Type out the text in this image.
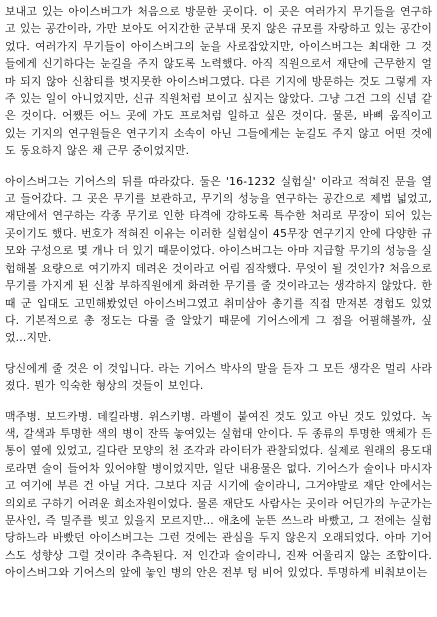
보내고 있는 아이스버그가 처음으로 방문한 곳이다. 이 곳은 여러가지 무기들을 연구하고 있는 공간이라, 가만 보아도 어지간한 군부대 못지 않은 규모를 자랑하고 있는 공간이었다. 여러가지 무기들이 아이스버그의 눈을 사로잡았지만, 아이스버그는 최대한 그 것들에게 신기하다는 눈길을 주지 않도록 노력했다. 아직 직원으로서 재단에 근무한지 얼마 되지 않아 신참티를 벗지못한 아이스버그였다. 다른 기지에 방문하는 것도 그렇게 자주 있는 일이 아니었지만, 신규 직원처럼 보이고 싶지는 않았다. 그냥 그건 그의 신념 같은 것이다. 어쨌든 어느 곳에 가도 프로처럼 일하고 싶은 것이다. 물론, 바삐 움직이고 있는 기지의 연구원들은 연구기지 소속이 아닌 그들에게는 눈길도 주지 않고 어떤 것에도 동요하지 않은 채 근무 중이었지만.

아이스버그는 기어스의 뒤를 따라갔다. 둘은 '16-1232 실험실' 이라고 적혀진 문을 열고 들어갔다. 그 곳은 무기를 보관하고, 무기의 성능을 연구하는 공간으로 제법 넓었고, 재단에서 연구하는 각종 무기로 인한 타격에 강하도록 특수한 처리로 무장이 되어 있는 곳이기도 했다. 번호가 적혀진 이유는 이러한 실험실이 45무장 연구기지 안에 다양한 규모와 구성으로 몇 개나 더 있기 때문이었다. 아이스버그는 아마 지급할 무기의 성능을 실험해볼 요량으로 여기까지 데려온 것이라고 어림 짐작했다. 무엇이 될 것인가? 처음으로 무기를 가지게 된 신참 부하직원에게 화려한 무기를 줄 것이라고는 생각하지 않았다. 한 때 군 입대도 고민해봤었던 아이스버그였고 취미삼아 총기를 직접 만져본 경험도 있었다. 기본적으로 총 정도는 다룰 줄 알았기 때문에 기어스에게 그 점을 어필해볼까, 싶었...지만.

당신에게 줄 것은 이 것입니다. 라는 기어스 박사의 말을 듣자 그 모든 생각은 멀리 사라졌다. 뭔가 익숙한 형상의 것들이 보인다.

맥주병. 보드카병. 데킬라병. 위스키병. 라벨이 붙여진 것도 있고 아닌 것도 있었다. 녹색, 갈색과 투명한 색의 병이 잔뜩 놓여있는 실험대 안이다. 두 종류의 투명한 액체가 든 통이 옆에 있었고, 길다란 모양의 천 조각과 라이터가 관찰되었다. 실제로 원래의 용도대로라면 술이 들어차 있어야할 병이었지만, 일단 내용물은 없다. 기어스가 술이나 마시자고 여기에 부른 건 아닐 거다. 그보다 지금 시기에 술이라니, 그거야말로 재단 안에서는 의외로 구하기 어려운 희소자원이었다. 물론 재단도 사람사는 곳이라 어딘가의 누군가는 문사인, 즉 밀주를 빚고 있을지 모르지만... 애초에 눈뜬 쓰느라 바빴고, 그 전에는 실험 당하느라 바빴던 아이스버그는 그런 것에는 관심을 두지 않은지 오래되었다. 아마 기어스도 성향상 그럴 것이라 추측된다. 저 인간과 술이라니, 진짜 어울리지 않는 조합이다. 아이스버그와 기어스의 앞에 놓인 병의 안은 전부 텅 비어 있었다. 투명하게 비춰보이는
